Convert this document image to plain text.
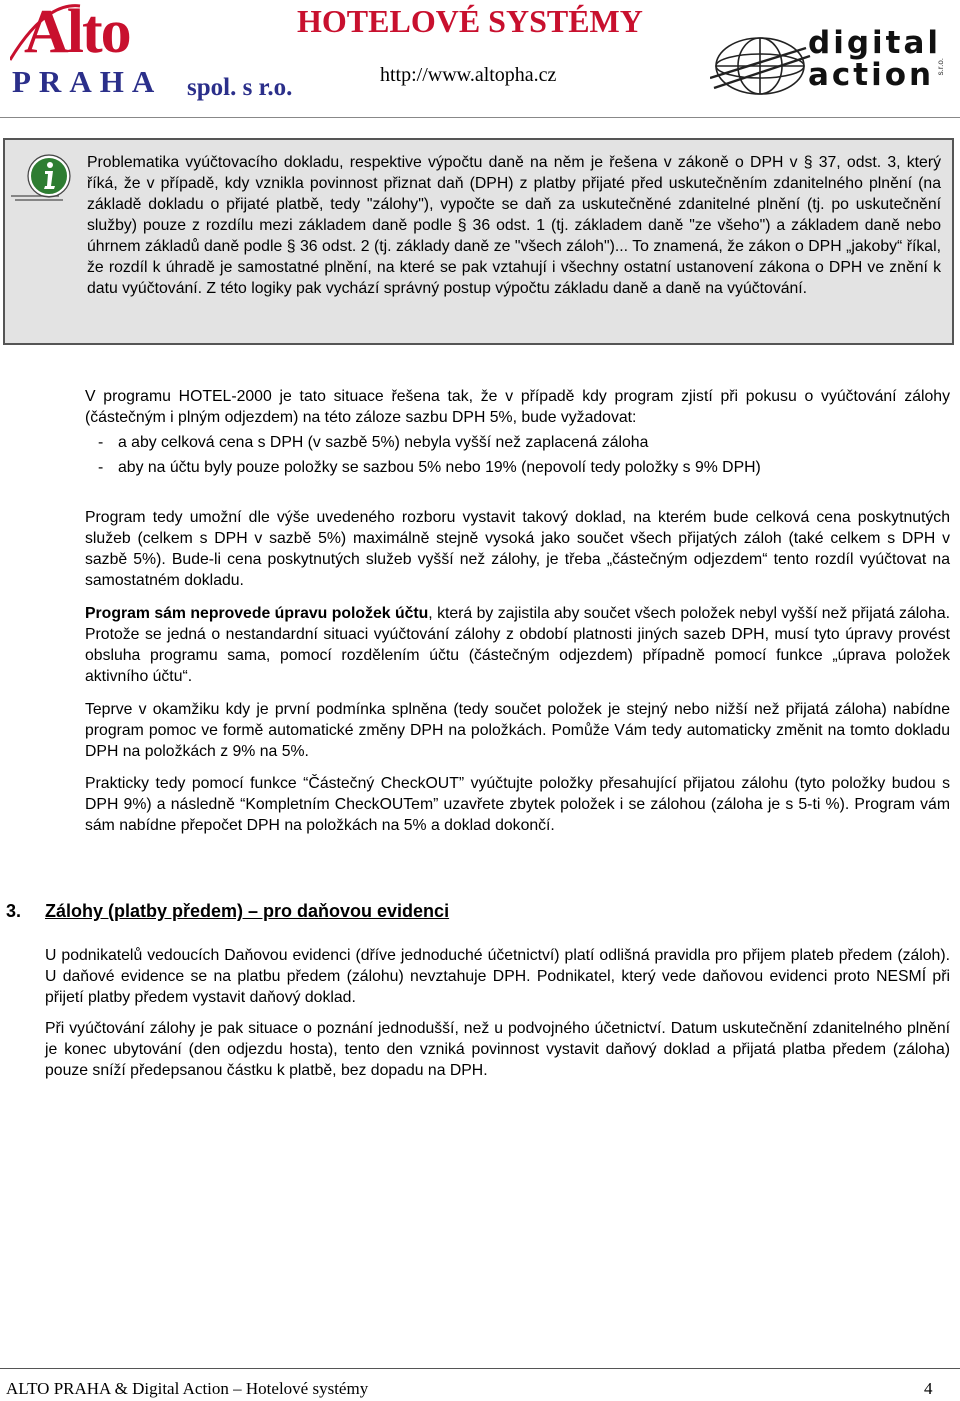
Alto
PRAHA spol. s r.o.
HOTELOVÉ SYSTÉMY
http://www.altopha.cz
digital
action s.r.o.
Problematika vyúčtovacího dokladu, respektive výpočtu daně na něm je řešena v zákoně o DPH v § 37, odst. 3, který říká, že v případě, kdy vznikla povinnost přiznat daň (DPH) z platby přijaté před uskutečněním zdanitelného plnění (na základě dokladu o přijaté platbě, tedy "zálohy"), vypočte se daň za uskutečněné zdanitelné plnění (tj. po uskutečnění služby) pouze z rozdílu mezi základem daně podle § 36 odst. 1 (tj. základem daně "ze všeho") a základem daně nebo úhrnem základů daně podle § 36 odst. 2 (tj. základy daně ze "všech záloh")... To znamená, že zákon o DPH „jakoby“ říkal, že rozdíl k úhradě je samostatné plnění, na které se pak vztahují i všechny ostatní ustanovení zákona o DPH ve znění k datu vyúčtování. Z této logiky pak vychází správný postup výpočtu základu daně a daně na vyúčtování.
V programu HOTEL-2000 je tato situace řešena tak, že v případě kdy program zjistí při pokusu o vyúčtování zálohy (částečným i plným odjezdem) na této záloze sazbu DPH 5%, bude vyžadovat:
- a aby celková cena s DPH (v sazbě 5%) nebyla vyšší než zaplacená záloha
- aby na účtu byly pouze položky se sazbou 5% nebo 19% (nepovolí tedy položky s 9% DPH)
Program tedy umožní dle výše uvedeného rozboru vystavit takový doklad, na kterém bude celková cena poskytnutých služeb (celkem s DPH v sazbě 5%) maximálně stejně vysoká jako součet všech přijatých záloh (také celkem s DPH v sazbě 5%). Bude-li cena poskytnutých služeb vyšší než zálohy, je třeba „částečným odjezdem“ tento rozdíl vyúčtovat na samostatném dokladu.
Program sám neprovede úpravu položek účtu, která by zajistila aby součet všech položek nebyl vyšší než přijatá záloha. Protože se jedná o nestandardní situaci vyúčtování zálohy z období platnosti jiných sazeb DPH, musí tyto úpravy provést obsluha programu sama, pomocí rozdělením účtu (částečným odjezdem) případně pomocí funkce „úprava položek aktivního účtu“.
Teprve v okamžiku kdy je první podmínka splněna (tedy součet položek je stejný nebo nižší než přijatá záloha) nabídne program pomoc ve formě automatické změny DPH na položkách. Pomůže Vám tedy automaticky změnit na tomto dokladu DPH na položkách z 9% na 5%.
Prakticky tedy pomocí funkce “Částečný CheckOUT” vyúčtujte položky přesahující přijatou zálohu (tyto položky budou s DPH 9%) a následně “Kompletním CheckOUTem” uzavřete zbytek položek i se zálohou (záloha je s 5-ti %). Program vám sám nabídne přepočet DPH na položkách na 5% a doklad dokončí.
3. Zálohy (platby předem) – pro daňovou evidenci
U podnikatelů vedoucích Daňovou evidenci (dříve jednoduché účetnictví) platí odlišná pravidla pro přijem plateb předem (záloh). U daňové evidence se na platbu předem (zálohu) nevztahuje DPH. Podnikatel, který vede daňovou evidenci proto NESMÍ při přijetí platby předem vystavit daňový doklad.
Při vyúčtování zálohy je pak situace o poznání jednodušší, než u podvojného účetnictví. Datum uskutečnění zdanitelného plnění je konec ubytování (den odjezdu hosta), tento den vzniká povinnost vystavit daňový doklad a přijatá platba předem (záloha) pouze sníží předepsanou částku k platbě, bez dopadu na DPH.
ALTO PRAHA & Digital Action – Hotelové systémy	4
